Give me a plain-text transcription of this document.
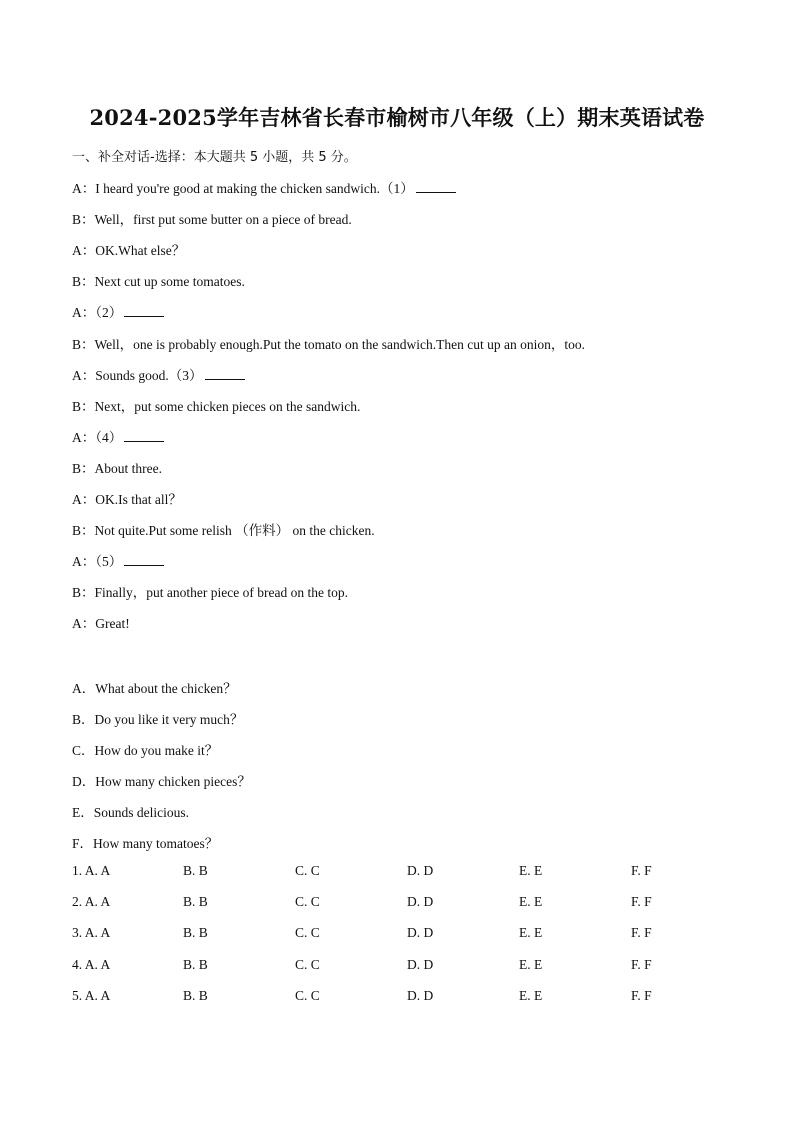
2024-2025学年吉林省长春市榆树市八年级（上）期末英语试卷
一、补全对话-选择：本大题共 5 小题，共 5 分。
A：I heard you're good at making the chicken sandwich.（1）
B：Well，first put some butter on a piece of bread.
A：OK.What else？
B：Next cut up some tomatoes.
A：（2）
B：Well，one is probably enough.Put the tomato on the sandwich.Then cut up an onion，too.
A：Sounds good.（3）
B：Next，put some chicken pieces on the sandwich.
A：（4）
B：About three.
A：OK.Is that all？
B：Not quite.Put some relish （作料） on the chicken.
A：（5）
B：Finally，put another piece of bread on the top.
A：Great!
A．What about the chicken？
B．Do you like it very much？
C．How do you make it？
D．How many chicken pieces？
E．Sounds delicious.
F．How many tomatoes？
1. A. A	B. B	C. C	D. D	E. E	F. F
2. A. A	B. B	C. C	D. D	E. E	F. F
3. A. A	B. B	C. C	D. D	E. E	F. F
4. A. A	B. B	C. C	D. D	E. E	F. F
5. A. A	B. B	C. C	D. D	E. E	F. F
